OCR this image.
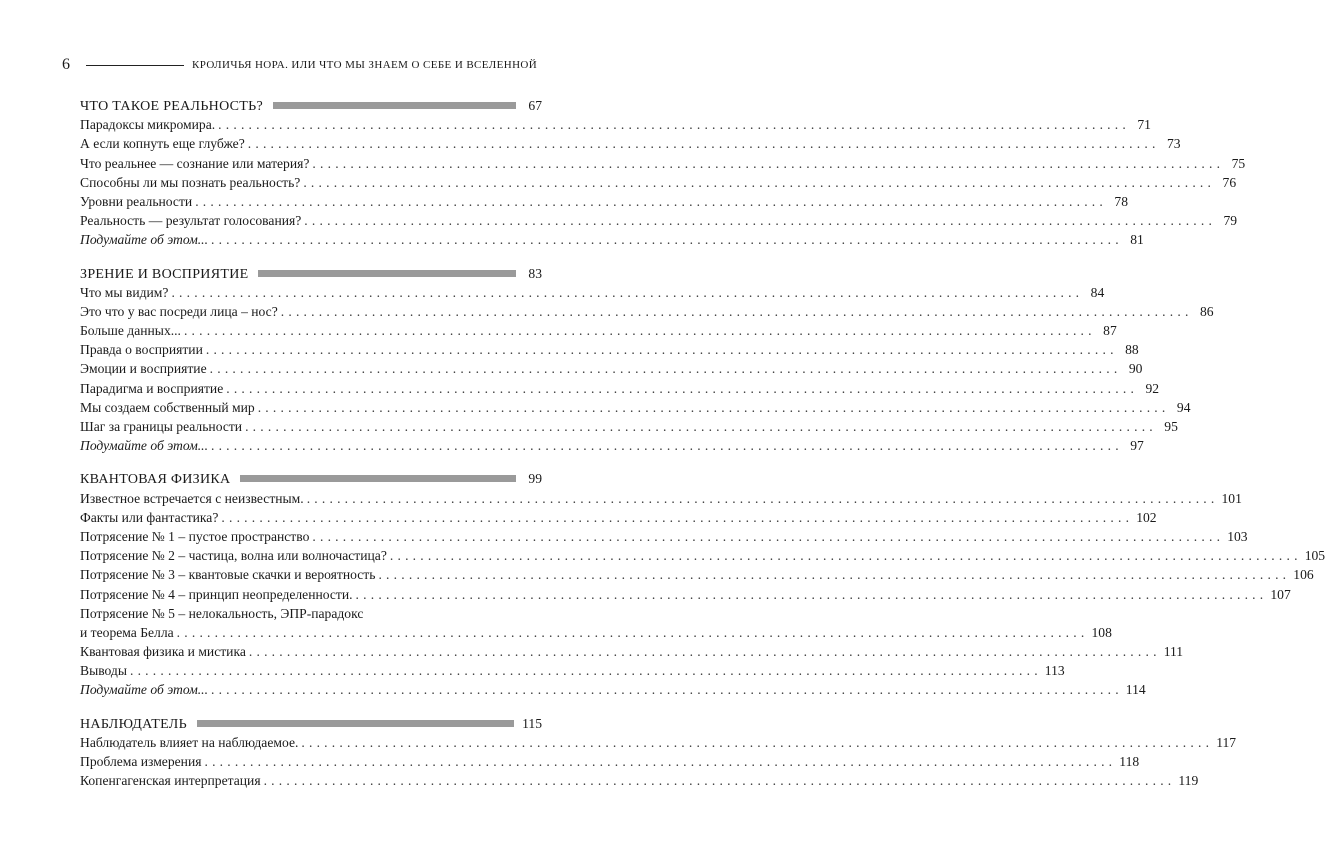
6	КРОЛИЧЬЯ НОРА. ИЛИ ЧТО МЫ ЗНАЕМ О СЕБЕ И ВСЕЛЕННОЙ
ЧТО ТАКОЕ РЕАЛЬНОСТЬ?	67
Парадоксы микромира. ........................................................................................................................ 71
А если копнуть еще глубже? ........................................................................................................................ 73
Что реальнее — сознание или материя? ........................................................................................................................ 75
Способны ли мы познать реальность? ........................................................................................................................ 76
Уровни реальности ........................................................................................................................ 78
Реальность — результат голосования? ........................................................................................................................ 79
Подумайте об этом... ........................................................................................................................ 81
ЗРЕНИЕ И ВОСПРИЯТИЕ	83
Что мы видим? ........................................................................................................................ 84
Это что у вас посреди лица – нос? ........................................................................................................................ 86
Больше данных... ........................................................................................................................ 87
Правда о восприятии ........................................................................................................................ 88
Эмоции и восприятие ........................................................................................................................ 90
Парадигма и восприятие ........................................................................................................................ 92
Мы создаем собственный мир ........................................................................................................................ 94
Шаг за границы реальности ........................................................................................................................ 95
Подумайте об этом... ........................................................................................................................ 97
КВАНТОВАЯ ФИЗИКА	99
Известное встречается с неизвестным. ........................................................................................................................ 101
Факты или фантастика? ........................................................................................................................ 102
Потрясение № 1 – пустое пространство ........................................................................................................................ 103
Потрясение № 2 – частица, волна или волночастица? ........................................................................................................................ 105
Потрясение № 3 – квантовые скачки и вероятность ........................................................................................................................ 106
Потрясение № 4 – принцип неопределенности. ........................................................................................................................ 107
Потрясение № 5 – нелокальность, ЭПР-парадокс
и теорема Белла ........................................................................................................................ 108
Квантовая физика и мистика ........................................................................................................................ 111
Выводы ........................................................................................................................ 113
Подумайте об этом... ........................................................................................................................ 114
НАБЛЮДАТЕЛЬ	115
Наблюдатель влияет на наблюдаемое. ........................................................................................................................ 117
Проблема измерения ........................................................................................................................ 118
Копенгагенская интерпретация ........................................................................................................................ 119
